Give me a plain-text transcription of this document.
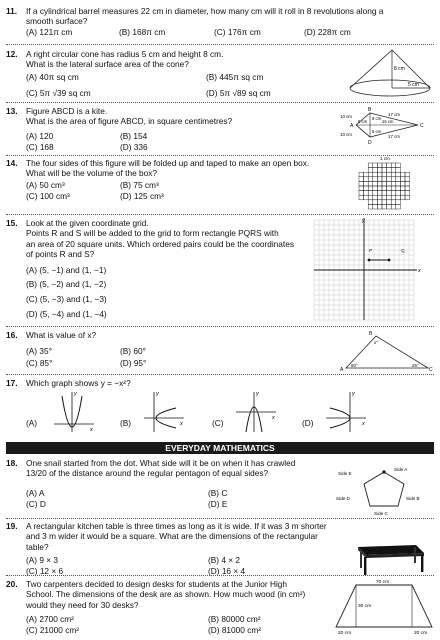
11.	If a cylindrical barrel measures 22 cm in diameter, how many cm will it roll in 8 revolutions along a
smooth surface?
(A) 121π cm	(B) 168π cm	(C) 176π cm	(D) 228π cm
12.	A right circular cone has radius 5 cm and height 8 cm.
What is the lateral surface area of the cone?
(A) 40π sq cm	(B) 445π sq cm
(C) 5π √39 sq cm	(D) 5π √89 sq cm
8 cm
5 cm
13.	Figure ABCD is a kite.
What is the area of figure ABCD, in square centimetres?
(A) 120	(B) 154
(C) 168	(D) 336
B
A	C
D
10 cm	17 cm
10 cm	17 cm
6 cm	15 cm
8 cm
8 cm
14.	The four sides of this figure will be folded up and taped to make an open box.
What will be the volume of the box?
(A) 50 cm³	(B) 75 cm³
(C) 100 cm³	(D) 125 cm³
1 cm
15.	Look at the given coordinate grid.
Points R and S will be added to the grid to form rectangle PQRS with
an area of 20 square units. Which ordered pairs could be the coordinates
of points R and S?
(A) (5, −1) and (1, −1)
(B) (5, −2) and (1, −2)
(C) (5, −3) and (1, −3)
(D) (5, −4) and (1, −4)
y
x
P	Q
16.	What is value of x?
(A) 35°	(B) 60°
(C) 85°	(D) 95°
A
B
C
x°
60°	25°
17.	Which graph shows y = −x²?
(A)	(B)	(C)	(D)
y
x
y
x
y
x
y
x
EVERYDAY MATHEMATICS
18.	One snail started from the dot. What side will it be on when it has crawled
13/20 of the distance around the regular pentagon of equal sides?
(A) A	(B) C
(C) D	(D) E
Side A
Side B
Side C
Side D
Side E
19.	A rectangular kitchen table is three times as long as it is wide. If it was 3 m shorter
and 3 m wider it would be a square. What are the dimensions of the rectangular
table?
(A) 9 × 3	(B) 4 × 2
(C) 12 × 6	(D) 16 × 4
20.	Two carpenters decided to design desks for students at the Junior High
School. The dimensions of the desk are as shown. How much wood (in cm²)
would they need for 30 desks?
(A) 2700 cm²	(B) 80000 cm²
(C) 21000 cm²	(D) 81000 cm²
70 cm
30 cm
20 cm	20 cm
